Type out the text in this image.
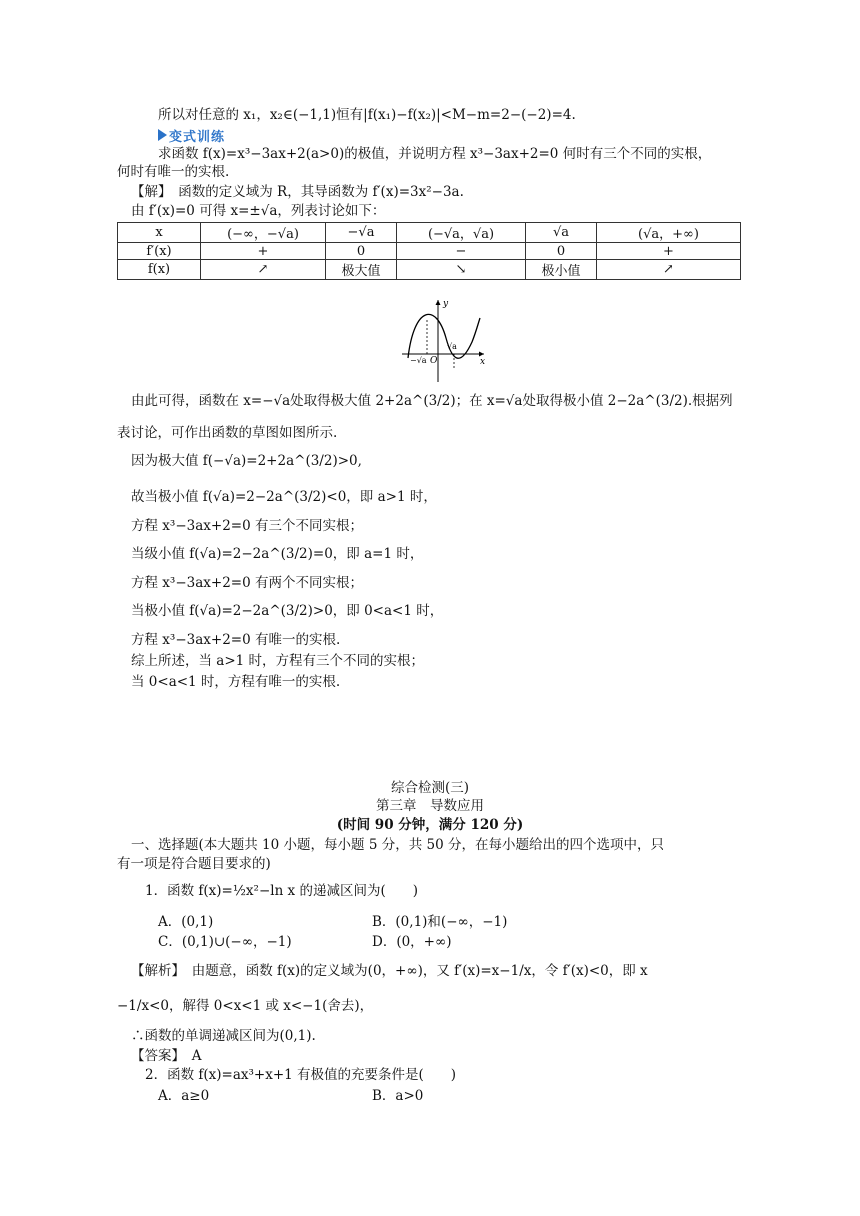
所以对任意的 x₁，x₂∈(−1,1)恒有|f(x₁)−f(x₂)|<M−m=2−(−2)=4.
变式训练
求函数 f(x)=x³−3ax+2(a>0)的极值，并说明方程 x³−3ax+2=0 何时有三个不同的实根，
何时有唯一的实根.
【解】　函数的定义域为 R，其导函数为 f′(x)=3x²−3a.
由 f′(x)=0 可得 x=±√a，列表讨论如下：
x	(−∞，−√a)	−√a	(−√a，√a)	√a	(√a，+∞)
f′(x)	+	0	−	0	+
f(x)	↗	极大值	↘	极小值	↗
y
x
O
−√a
√a
由此可得，函数在 x=−√a处取得极大值 2+2a^(3/2)；在 x=√a处取得极小值 2−2a^(3/2).根据列
表讨论，可作出函数的草图如图所示.
因为极大值 f(−√a)=2+2a^(3/2)>0,
故当极小值 f(√a)=2−2a^(3/2)<0，即 a>1 时，
方程 x³−3ax+2=0 有三个不同实根；
当级小值 f(√a)=2−2a^(3/2)=0，即 a=1 时，
方程 x³−3ax+2=0 有两个不同实根；
当极小值 f(√a)=2−2a^(3/2)>0，即 0<a<1 时，
方程 x³−3ax+2=0 有唯一的实根.
综上所述，当 a>1 时，方程有三个不同的实根；
当 0<a<1 时，方程有唯一的实根.
综合检测(三)
第三章　导数应用
(时间 90 分钟，满分 120 分)
一、选择题(本大题共 10 小题，每小题 5 分，共 50 分，在每小题给出的四个选项中，只
有一项是符合题目要求的)
1．函数 f(x)=½x²−ln x 的递减区间为(　　)
A．(0,1)	B．(0,1)和(−∞，−1)
C．(0,1)∪(−∞，−1)	D．(0，+∞)
【解析】　由题意，函数 f(x)的定义域为(0，+∞)，又 f′(x)=x−1/x，令 f′(x)<0，即 x
−1/x<0，解得 0<x<1 或 x<−1(舍去)，
∴函数的单调递减区间为(0,1).
【答案】　A
2．函数 f(x)=ax³+x+1 有极值的充要条件是(　　)
A．a≥0	B．a>0
